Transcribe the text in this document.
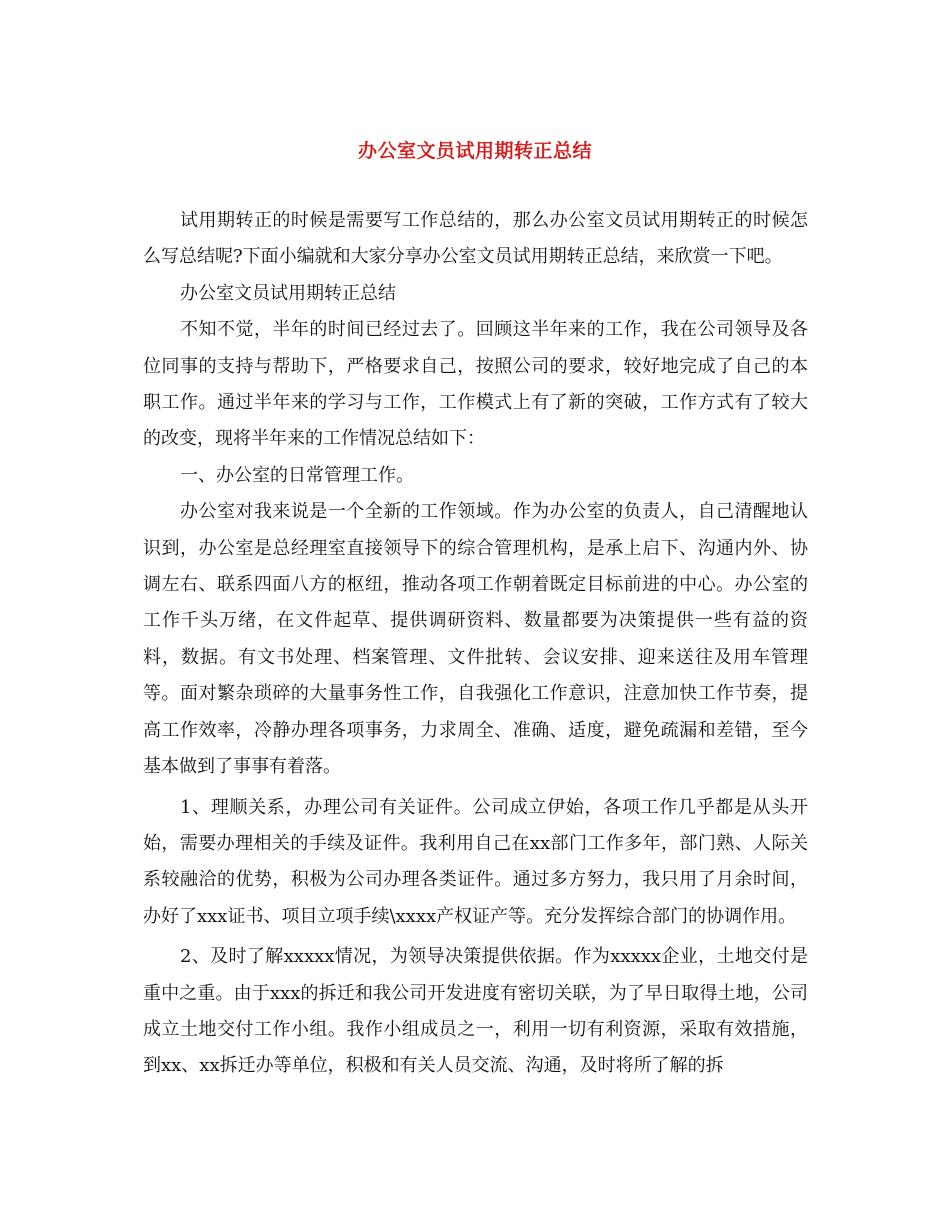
办公室文员试用期转正总结

试用期转正的时候是需要写工作总结的，那么办公室文员试用期转正的时候怎么写总结呢?下面小编就和大家分享办公室文员试用期转正总结，来欣赏一下吧。

办公室文员试用期转正总结

不知不觉，半年的时间已经过去了。回顾这半年来的工作，我在公司领导及各位同事的支持与帮助下，严格要求自己，按照公司的要求，较好地完成了自己的本职工作。通过半年来的学习与工作，工作模式上有了新的突破，工作方式有了较大的改变，现将半年来的工作情况总结如下：

一、办公室的日常管理工作。

办公室对我来说是一个全新的工作领域。作为办公室的负责人，自己清醒地认识到，办公室是总经理室直接领导下的综合管理机构，是承上启下、沟通内外、协调左右、联系四面八方的枢纽，推动各项工作朝着既定目标前进的中心。办公室的工作千头万绪，在文件起草、提供调研资料、数量都要为决策提供一些有益的资料，数据。有文书处理、档案管理、文件批转、会议安排、迎来送往及用车管理等。面对繁杂琐碎的大量事务性工作，自我强化工作意识，注意加快工作节奏，提高工作效率，冷静办理各项事务，力求周全、准确、适度，避免疏漏和差错，至今基本做到了事事有着落。

1、理顺关系，办理公司有关证件。公司成立伊始，各项工作几乎都是从头开始，需要办理相关的手续及证件。我利用自己在xx部门工作多年，部门熟、人际关系较融洽的优势，积极为公司办理各类证件。通过多方努力，我只用了月余时间，办好了xxx证书、项目立项手续\xxxx产权证产等。充分发挥综合部门的协调作用。

2、及时了解xxxxx情况，为领导决策提供依据。作为xxxxx企业，土地交付是重中之重。由于xxx的拆迁和我公司开发进度有密切关联，为了早日取得土地，公司成立土地交付工作小组。我作小组成员之一，利用一切有利资源，采取有效措施，到xx、xx拆迁办等单位，积极和有关人员交流、沟通，及时将所了解的拆
